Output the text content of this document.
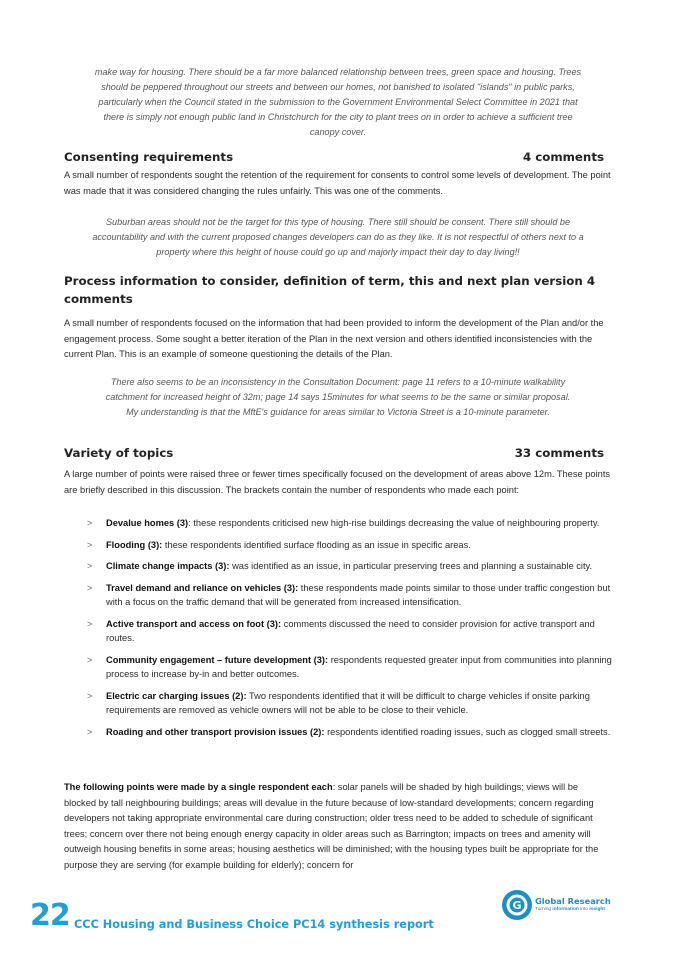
make way for housing. There should be a far more balanced relationship between trees, green space and housing. Trees should be peppered throughout our streets and between our homes, not banished to isolated "islands" in public parks, particularly when the Council stated in the submission to the Government Environmental Select Committee in 2021 that there is simply not enough public land in Christchurch for the city to plant trees on in order to achieve a sufficient tree canopy cover.

Consenting requirements	4 comments

A small number of respondents sought the retention of the requirement for consents to control some levels of development. The point was made that it was considered changing the rules unfairly. This was one of the comments.

Suburban areas should not be the target for this type of housing. There still should be consent. There still should be accountability and with the current proposed changes developers can do as they like. It is not respectful of others next to a property where this height of house could go up and majorly impact their day to day living!!

Process information to consider, definition of term, this and next plan version 4 comments

A small number of respondents focused on the information that had been provided to inform the development of the Plan and/or the engagement process. Some sought a better iteration of the Plan in the next version and others identified inconsistencies with the current Plan. This is an example of someone questioning the details of the Plan.

There also seems to be an inconsistency in the Consultation Document: page 11 refers to a 10-minute walkability catchment for increased height of 32m; page 14 says 15minutes for what seems to be the same or similar proposal. My understanding is that the MftE's guidance for areas similar to Victoria Street is a 10-minute parameter.

Variety of topics	33 comments

A large number of points were raised three or fewer times specifically focused on the development of areas above 12m. These points are briefly described in this discussion. The brackets contain the number of respondents who made each point:

> Devalue homes (3): these respondents criticised new high-rise buildings decreasing the value of neighbouring property.
> Flooding (3): these respondents identified surface flooding as an issue in specific areas.
> Climate change impacts (3): was identified as an issue, in particular preserving trees and planning a sustainable city.
> Travel demand and reliance on vehicles (3): these respondents made points similar to those under traffic congestion but with a focus on the traffic demand that will be generated from increased intensification.
> Active transport and access on foot (3): comments discussed the need to consider provision for active transport and routes.
> Community engagement – future development (3): respondents requested greater input from communities into planning process to increase by-in and better outcomes.
> Electric car charging issues (2): Two respondents identified that it will be difficult to charge vehicles if onsite parking requirements are removed as vehicle owners will not be able to be close to their vehicle.
> Roading and other transport provision issues (2): respondents identified roading issues, such as clogged small streets.

The following points were made by a single respondent each: solar panels will be shaded by high buildings; views will be blocked by tall neighbouring buildings; areas will devalue in the future because of low-standard developments; concern regarding developers not taking appropriate environmental care during construction; older tress need to be added to schedule of significant trees; concern over there not being enough energy capacity in older areas such as Barrington; impacts on trees and amenity will outweigh housing benefits in some areas; housing aesthetics will be diminished; with the housing types built be appropriate for the purpose they are serving (for example building for elderly); concern for

22 CCC Housing and Business Choice PC14 synthesis report
G Global Research
Turning information into insight
